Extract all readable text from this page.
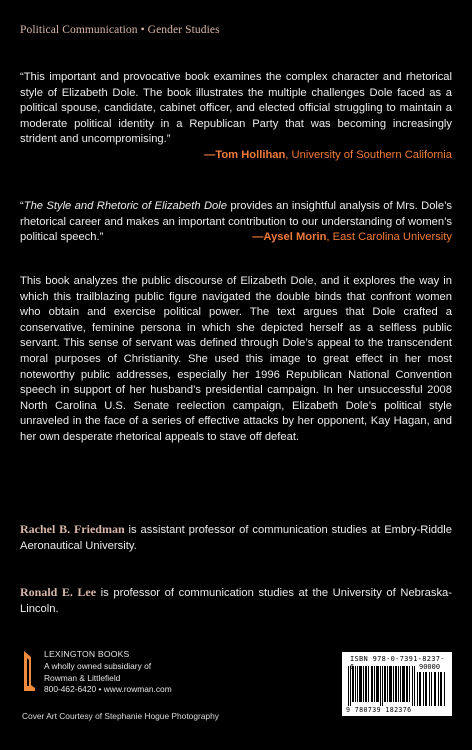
Political Communication • Gender Studies
“This important and provocative book examines the complex character and rhetorical style of Elizabeth Dole. The book illustrates the multiple challenges Dole faced as a political spouse, candidate, cabinet officer, and elected official struggling to maintain a moderate political identity in a Republican Party that was becoming increasingly strident and uncompromising.”
—Tom Hollihan, University of Southern California
“The Style and Rhetoric of Elizabeth Dole provides an insightful analysis of Mrs. Dole’s rhetorical career and makes an important contribution to our understanding of women’s political speech.”	—Aysel Morin, East Carolina University
This book analyzes the public discourse of Elizabeth Dole, and it explores the way in which this trailblazing public figure navigated the double binds that confront women who obtain and exercise political power. The text argues that Dole crafted a conservative, feminine persona in which she depicted herself as a selfless public servant. This sense of servant was defined through Dole’s appeal to the transcendent moral purposes of Christianity. She used this image to great effect in her most noteworthy public addresses, especially her 1996 Republican National Convention speech in support of her husband’s presidential campaign. In her unsuccessful 2008 North Carolina U.S. Senate reelection campaign, Elizabeth Dole’s political style unraveled in the face of a series of effective attacks by her opponent, Kay Hagan, and her own desperate rhetorical appeals to stave off defeat.
Rachel B. Friedman is assistant professor of communication studies at Embry-Riddle Aeronautical University.
Ronald E. Lee is professor of communication studies at the University of Nebraska-Lincoln.
LEXINGTON BOOKS
A wholly owned subsidiary of
Rowman & Littlefield
800-462-6420 • www.rowman.com
ISBN 978-0-7391-8237-
90000
9 780739 182376
Cover Art Courtesy of Stephanie Hogue Photography
